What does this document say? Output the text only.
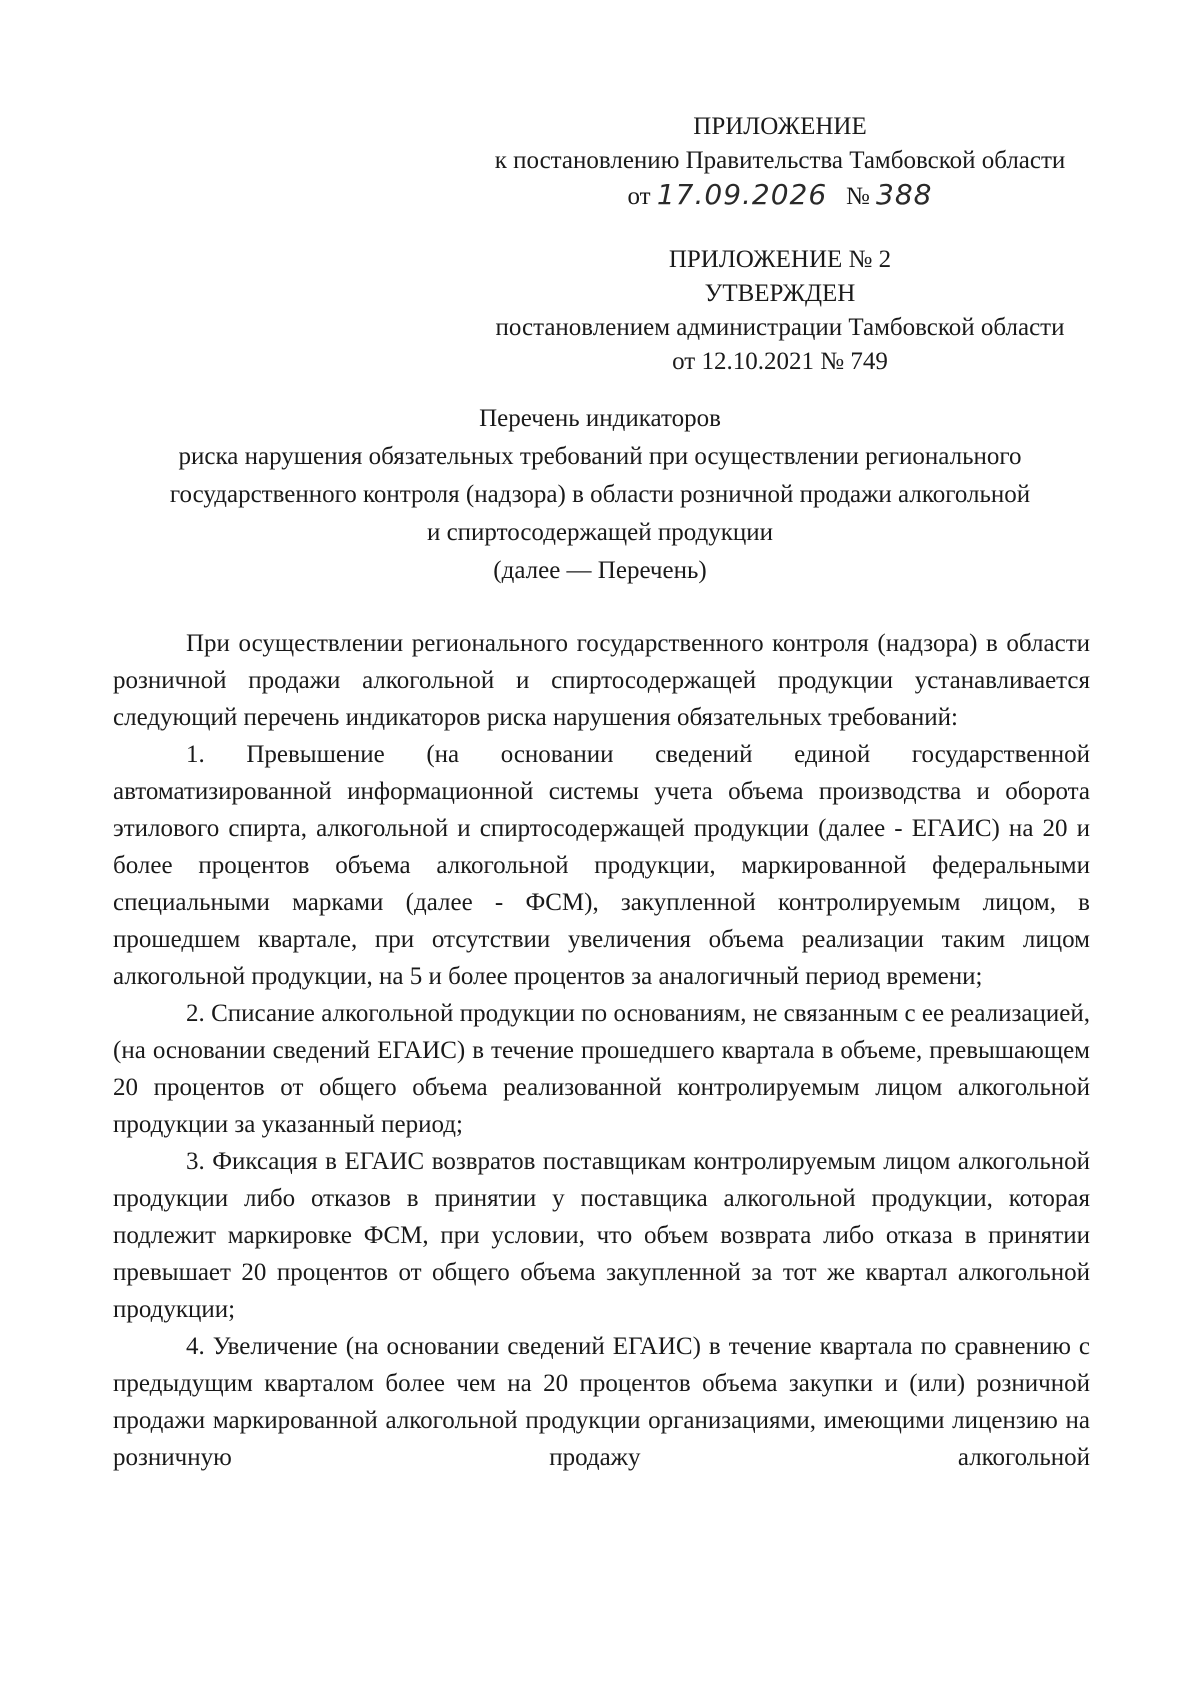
ПРИЛОЖЕНИЕ
к постановлению Правительства Тамбовской области
от 17.09.2026 № 388
ПРИЛОЖЕНИЕ № 2
УТВЕРЖДЕН
постановлением администрации Тамбовской области
от 12.10.2021 № 749
Перечень индикаторов
риска нарушения обязательных требований при осуществлении регионального
государственного контроля (надзора) в области розничной продажи алкогольной
и спиртосодержащей продукции
(далее — Перечень)

При осуществлении регионального государственного контроля (надзора) в области розничной продажи алкогольной и спиртосодержащей продукции устанавливается следующий перечень индикаторов риска нарушения обязательных требований:

1. Превышение (на основании сведений единой государственной автоматизированной информационной системы учета объема производства и оборота этилового спирта, алкогольной и спиртосодержащей продукции (далее - ЕГАИС) на 20 и более процентов объема алкогольной продукции, маркированной федеральными специальными марками (далее - ФСМ), закупленной контролируемым лицом, в прошедшем квартале, при отсутствии увеличения объема реализации таким лицом алкогольной продукции, на 5 и более процентов за аналогичный период времени;

2. Списание алкогольной продукции по основаниям, не связанным с ее реализацией, (на основании сведений ЕГАИС) в течение прошедшего квартала в объеме, превышающем 20 процентов от общего объема реализованной контролируемым лицом алкогольной продукции за указанный период;

3. Фиксация в ЕГАИС возвратов поставщикам контролируемым лицом алкогольной продукции либо отказов в принятии у поставщика алкогольной продукции, которая подлежит маркировке ФСМ, при условии, что объем возврата либо отказа в принятии превышает 20 процентов от общего объема закупленной за тот же квартал алкогольной продукции;

4. Увеличение (на основании сведений ЕГАИС) в течение квартала по сравнению с предыдущим кварталом более чем на 20 процентов объема закупки и (или) розничной продажи маркированной алкогольной продукции организациями, имеющими лицензию на розничную продажу алкогольной
